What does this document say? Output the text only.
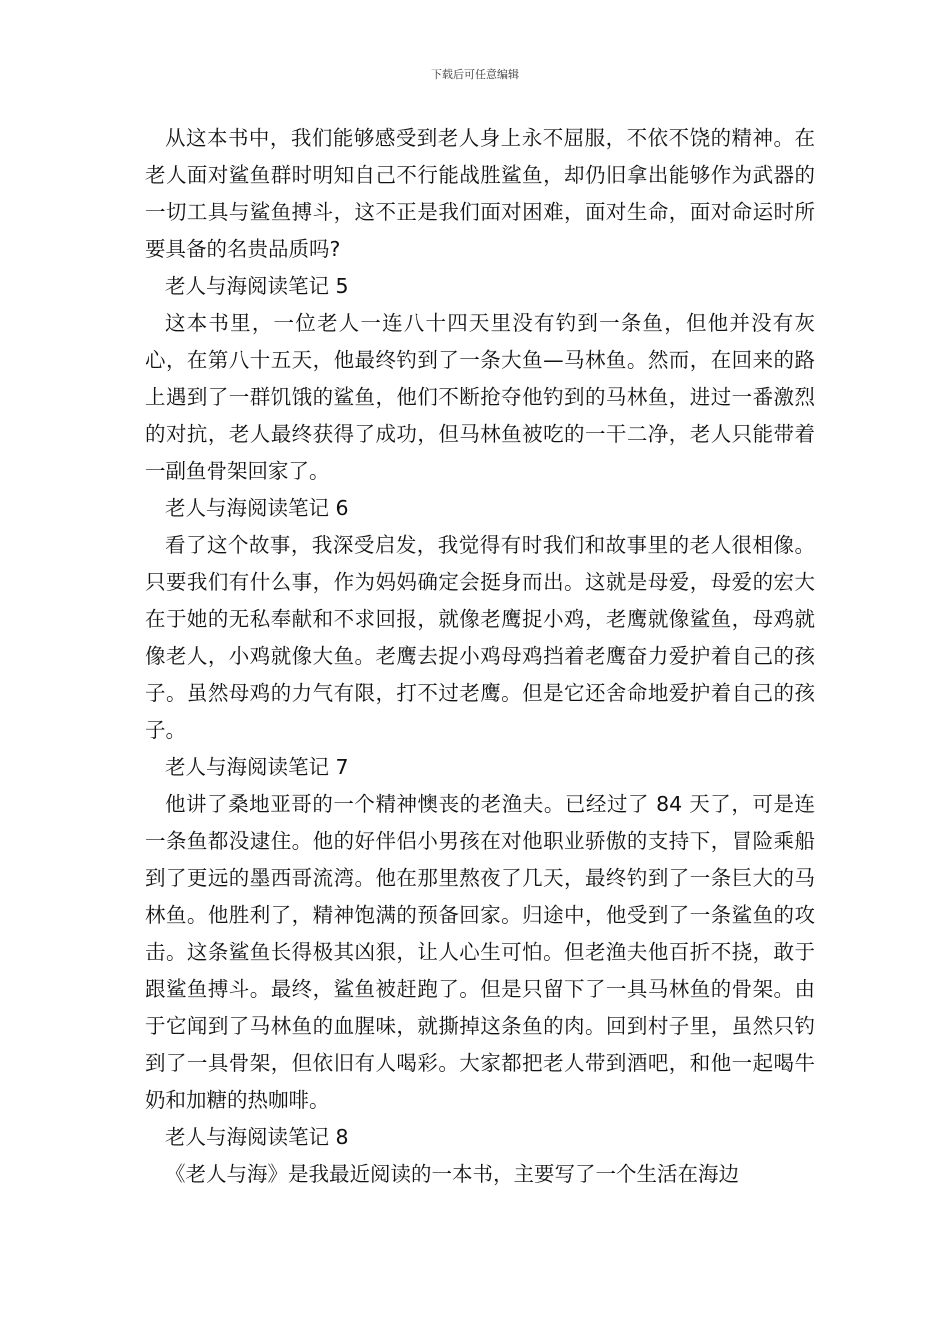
下载后可任意编辑

从这本书中，我们能够感受到老人身上永不屈服，不依不饶的精神。在老人面对鲨鱼群时明知自己不行能战胜鲨鱼，却仍旧拿出能够作为武器的一切工具与鲨鱼搏斗，这不正是我们面对困难，面对生命，面对命运时所要具备的名贵品质吗?

老人与海阅读笔记 5

这本书里，一位老人一连八十四天里没有钓到一条鱼，但他并没有灰心，在第八十五天，他最终钓到了一条大鱼—马林鱼。然而，在回来的路上遇到了一群饥饿的鲨鱼，他们不断抢夺他钓到的马林鱼，进过一番激烈的对抗，老人最终获得了成功，但马林鱼被吃的一干二净，老人只能带着一副鱼骨架回家了。

老人与海阅读笔记 6

看了这个故事，我深受启发，我觉得有时我们和故事里的老人很相像。只要我们有什么事，作为妈妈确定会挺身而出。这就是母爱，母爱的宏大在于她的无私奉献和不求回报，就像老鹰捉小鸡，老鹰就像鲨鱼，母鸡就像老人，小鸡就像大鱼。老鹰去捉小鸡母鸡挡着老鹰奋力爱护着自己的孩子。虽然母鸡的力气有限，打不过老鹰。但是它还舍命地爱护着自己的孩子。

老人与海阅读笔记 7

他讲了桑地亚哥的一个精神懊丧的老渔夫。已经过了 84 天了，可是连一条鱼都没逮住。他的好伴侣小男孩在对他职业骄傲的支持下，冒险乘船到了更远的墨西哥流湾。他在那里熬夜了几天，最终钓到了一条巨大的马林鱼。他胜利了，精神饱满的预备回家。归途中，他受到了一条鲨鱼的攻击。这条鲨鱼长得极其凶狠，让人心生可怕。但老渔夫他百折不挠，敢于跟鲨鱼搏斗。最终，鲨鱼被赶跑了。但是只留下了一具马林鱼的骨架。由于它闻到了马林鱼的血腥味，就撕掉这条鱼的肉。回到村子里，虽然只钓到了一具骨架，但依旧有人喝彩。大家都把老人带到酒吧，和他一起喝牛奶和加糖的热咖啡。

老人与海阅读笔记 8

《老人与海》是我最近阅读的一本书，主要写了一个生活在海边
